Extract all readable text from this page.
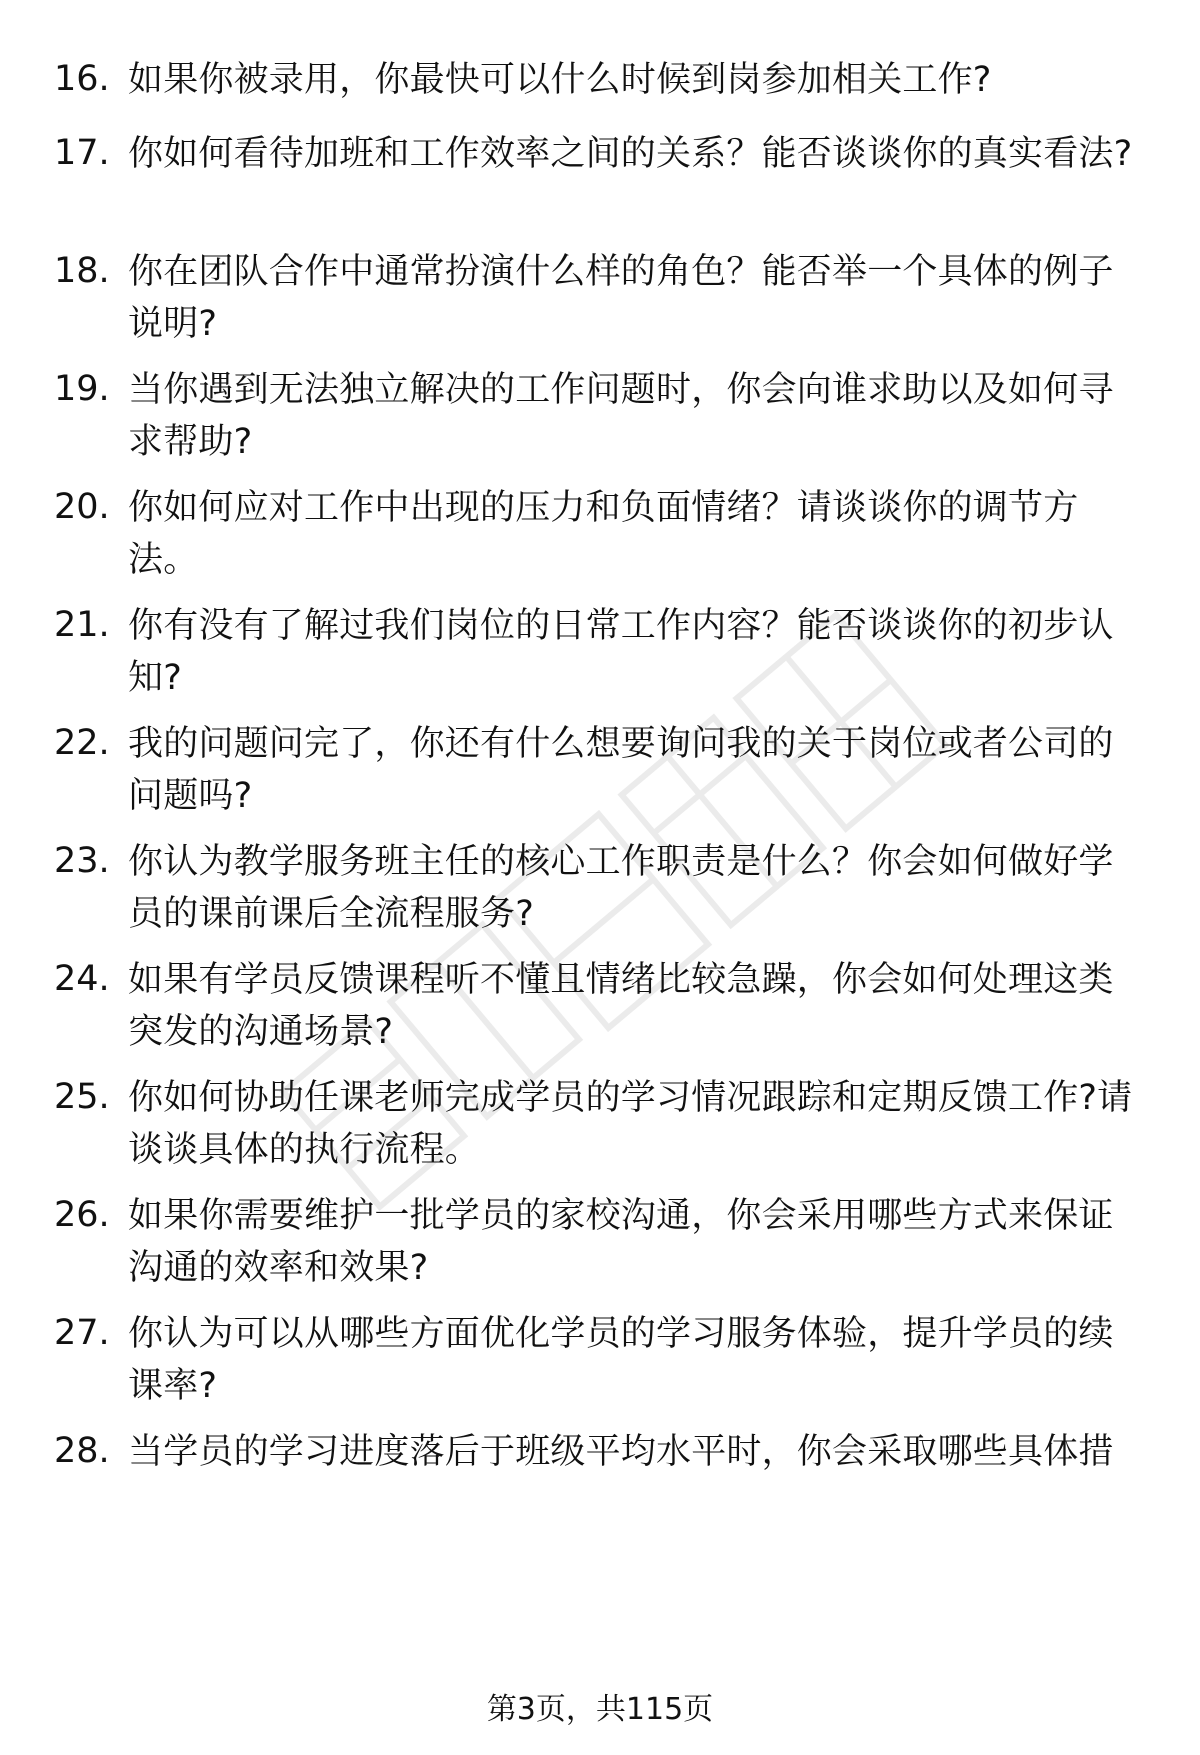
16. 如果你被录用，你最快可以什么时候到岗参加相关工作?
17. 你如何看待加班和工作效率之间的关系？能否谈谈你的真实看法?
18. 你在团队合作中通常扮演什么样的角色？能否举一个具体的例子说明?
19. 当你遇到无法独立解决的工作问题时，你会向谁求助以及如何寻求帮助?
20. 你如何应对工作中出现的压力和负面情绪？请谈谈你的调节方法。
21. 你有没有了解过我们岗位的日常工作内容？能否谈谈你的初步认知?
22. 我的问题问完了，你还有什么想要询问我的关于岗位或者公司的问题吗?
23. 你认为教学服务班主任的核心工作职责是什么？你会如何做好学员的课前课后全流程服务?
24. 如果有学员反馈课程听不懂且情绪比较急躁，你会如何处理这类突发的沟通场景?
25. 你如何协助任课老师完成学员的学习情况跟踪和定期反馈工作?请谈谈具体的执行流程。
26. 如果你需要维护一批学员的家校沟通，你会采用哪些方式来保证沟通的效率和效果?
27. 你认为可以从哪些方面优化学员的学习服务体验，提升学员的续课率?
28. 当学员的学习进度落后于班级平均水平时，你会采取哪些具体措
第3页，共115页
